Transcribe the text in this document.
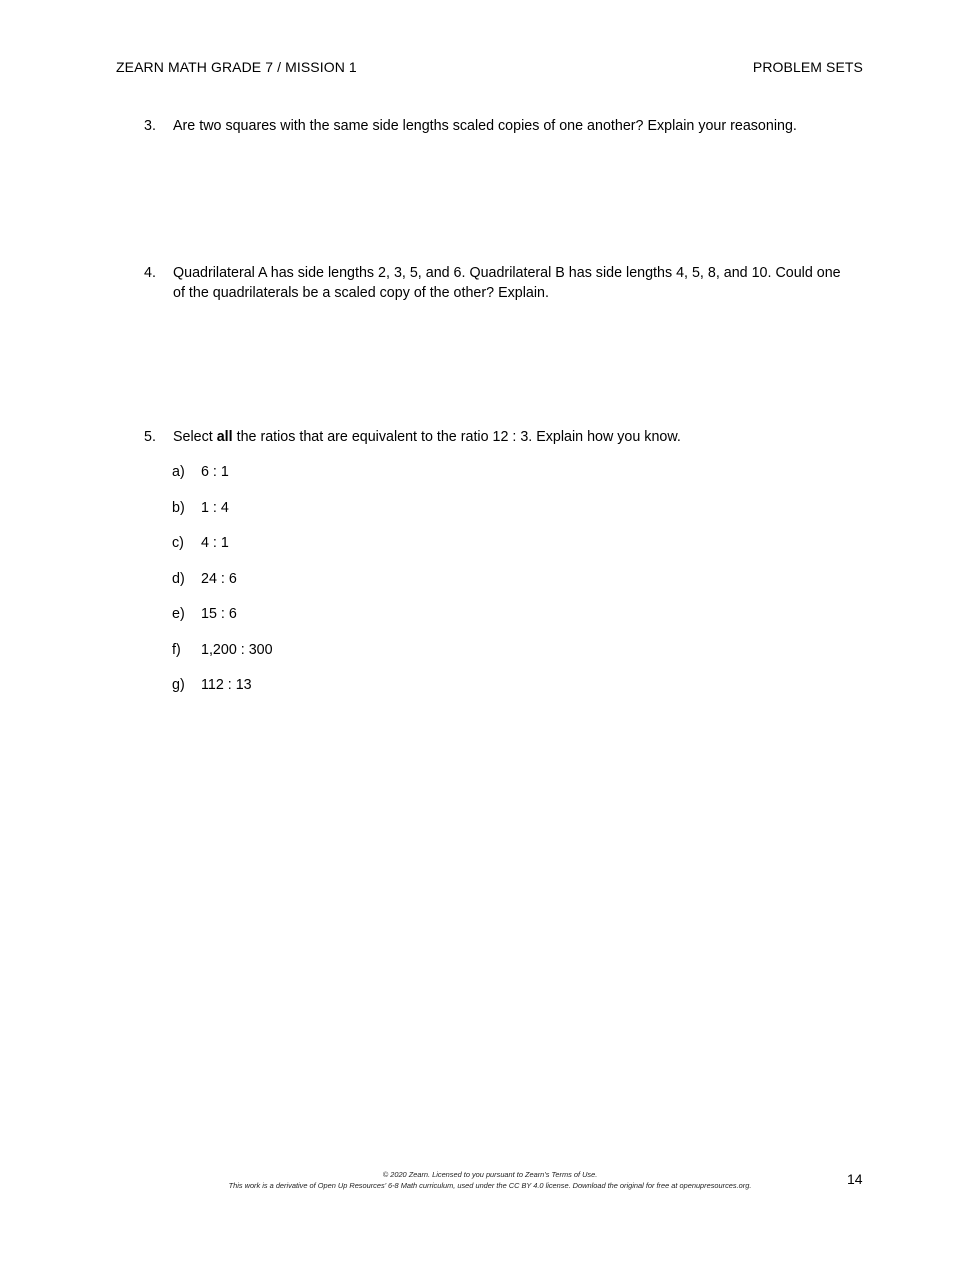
ZEARN MATH GRADE 7 / MISSION 1	PROBLEM SETS
3. Are two squares with the same side lengths scaled copies of one another? Explain your reasoning.
4. Quadrilateral A has side lengths 2, 3, 5, and 6. Quadrilateral B has side lengths 4, 5, 8, and 10. Could one of the quadrilaterals be a scaled copy of the other? Explain.
5. Select all the ratios that are equivalent to the ratio 12 : 3. Explain how you know.
a) 6 : 1
b) 1 : 4
c) 4 : 1
d) 24 : 6
e) 15 : 6
f) 1,200 : 300
g) 112 : 13
© 2020 Zearn. Licensed to you pursuant to Zearn’s Terms of Use.
This work is a derivative of Open Up Resources’ 6-8 Math curriculum, used under the CC BY 4.0 license. Download the original for free at openupresources.org.	14
